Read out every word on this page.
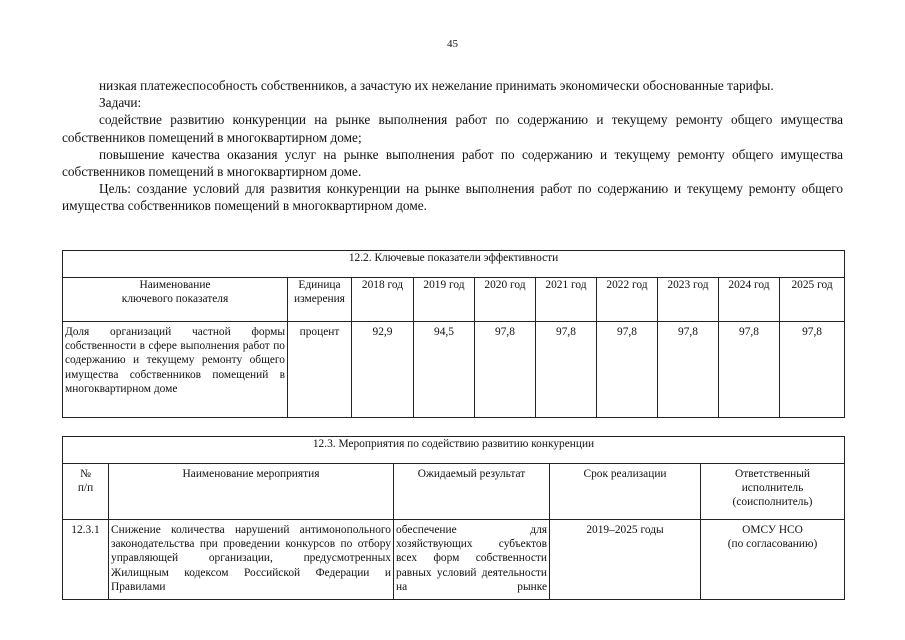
45

низкая платежеспособность собственников, а зачастую их нежелание принимать экономически обоснованные тарифы.

Задачи:

содействие развитию конкуренции на рынке выполнения работ по содержанию и текущему ремонту общего имущества собственников помещений в многоквартирном доме;

повышение качества оказания услуг на рынке выполнения работ по содержанию и текущему ремонту общего имущества собственников помещений в многоквартирном доме.

Цель: создание условий для развития конкуренции на рынке выполнения работ по содержанию и текущему ремонту общего имущества собственников помещений в многоквартирном доме.

12.2. Ключевые показатели эффективности									
Наименование
ключевого показателя	Единица
измерения	2018 год	2019 год	2020 год	2021 год	2022 год	2023 год	2024 год	2025 год

Доля организаций частной формы собственности в сфере выполнения работ по содержанию и текущему ремонту общего имущества собственников помещений в многоквартирном доме	процент	92,9	94,5	97,8	97,8	97,8	97,8	97,8	97,8
12.3. Мероприятия по содействию развитию конкуренции				
№
п/п	Наименование мероприятия	Ожидаемый результат	Срок реализации	Ответственный
исполнитель
(соисполнитель)
12.3.1	Снижение количества нарушений антимонопольного законодательства при проведении конкурсов по отбору управляющей организации, предусмотренных Жилищным кодексом Российской Федерации и Правилами	обеспечение для хозяйствующих субъектов всех форм собственности равных условий деятельности на рынке	2019–2025 годы	ОМСУ НСО
(по согласованию)
